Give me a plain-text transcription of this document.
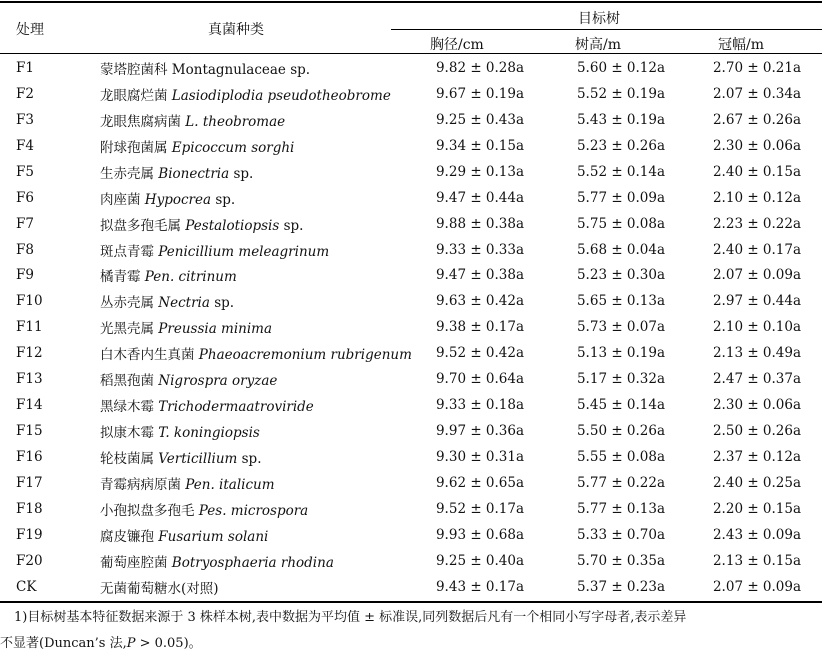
处理	真菌种类
目标树
胸径/cm	树高/m	冠幅/m
F1	蒙塔腔菌科 Montagnulaceae sp.	9.82 ± 0.28a	5.60 ± 0.12a	2.70 ± 0.21a
F2	龙眼腐烂菌 Lasiodiplodia pseudotheobrome	9.67 ± 0.19a	5.52 ± 0.19a	2.07 ± 0.34a
F3	龙眼焦腐病菌 L. theobromae	9.25 ± 0.43a	5.43 ± 0.19a	2.67 ± 0.26a
F4	附球孢菌属 Epicoccum sorghi	9.34 ± 0.15a	5.23 ± 0.26a	2.30 ± 0.06a
F5	生赤壳属 Bionectria sp.	9.29 ± 0.13a	5.52 ± 0.14a	2.40 ± 0.15a
F6	肉座菌 Hypocrea sp.	9.47 ± 0.44a	5.77 ± 0.09a	2.10 ± 0.12a
F7	拟盘多孢毛属 Pestalotiopsis sp.	9.88 ± 0.38a	5.75 ± 0.08a	2.23 ± 0.22a
F8	斑点青霉 Penicillium meleagrinum	9.33 ± 0.33a	5.68 ± 0.04a	2.40 ± 0.17a
F9	橘青霉 Pen. citrinum	9.47 ± 0.38a	5.23 ± 0.30a	2.07 ± 0.09a
F10	丛赤壳属 Nectria sp.	9.63 ± 0.42a	5.65 ± 0.13a	2.97 ± 0.44a
F11	光黑壳属 Preussia minima	9.38 ± 0.17a	5.73 ± 0.07a	2.10 ± 0.10a
F12	白木香内生真菌 Phaeoacremonium rubrigenum	9.52 ± 0.42a	5.13 ± 0.19a	2.13 ± 0.49a
F13	稻黑孢菌 Nigrospra oryzae	9.70 ± 0.64a	5.17 ± 0.32a	2.47 ± 0.37a
F14	黑绿木霉 Trichodermaatroviride	9.33 ± 0.18a	5.45 ± 0.14a	2.30 ± 0.06a
F15	拟康木霉 T. koningiopsis	9.97 ± 0.36a	5.50 ± 0.26a	2.50 ± 0.26a
F16	轮枝菌属 Verticillium sp.	9.30 ± 0.31a	5.55 ± 0.08a	2.37 ± 0.12a
F17	青霉病病原菌 Pen. italicum	9.62 ± 0.65a	5.77 ± 0.22a	2.40 ± 0.25a
F18	小孢拟盘多孢毛 Pes. microspora	9.52 ± 0.17a	5.77 ± 0.13a	2.20 ± 0.15a
F19	腐皮镰孢 Fusarium solani	9.93 ± 0.68a	5.33 ± 0.70a	2.43 ± 0.09a
F20	葡萄座腔菌 Botryosphaeria rhodina	9.25 ± 0.40a	5.70 ± 0.35a	2.13 ± 0.15a
CK	无菌葡萄糖水(对照)	9.43 ± 0.17a	5.37 ± 0.23a	2.07 ± 0.09a

1)目标树基本特征数据来源于 3 株样本树,表中数据为平均值 ± 标准误,同列数据后凡有一个相同小写字母者,表示差异

不显著(Duncan’s 法,P > 0.05)。
